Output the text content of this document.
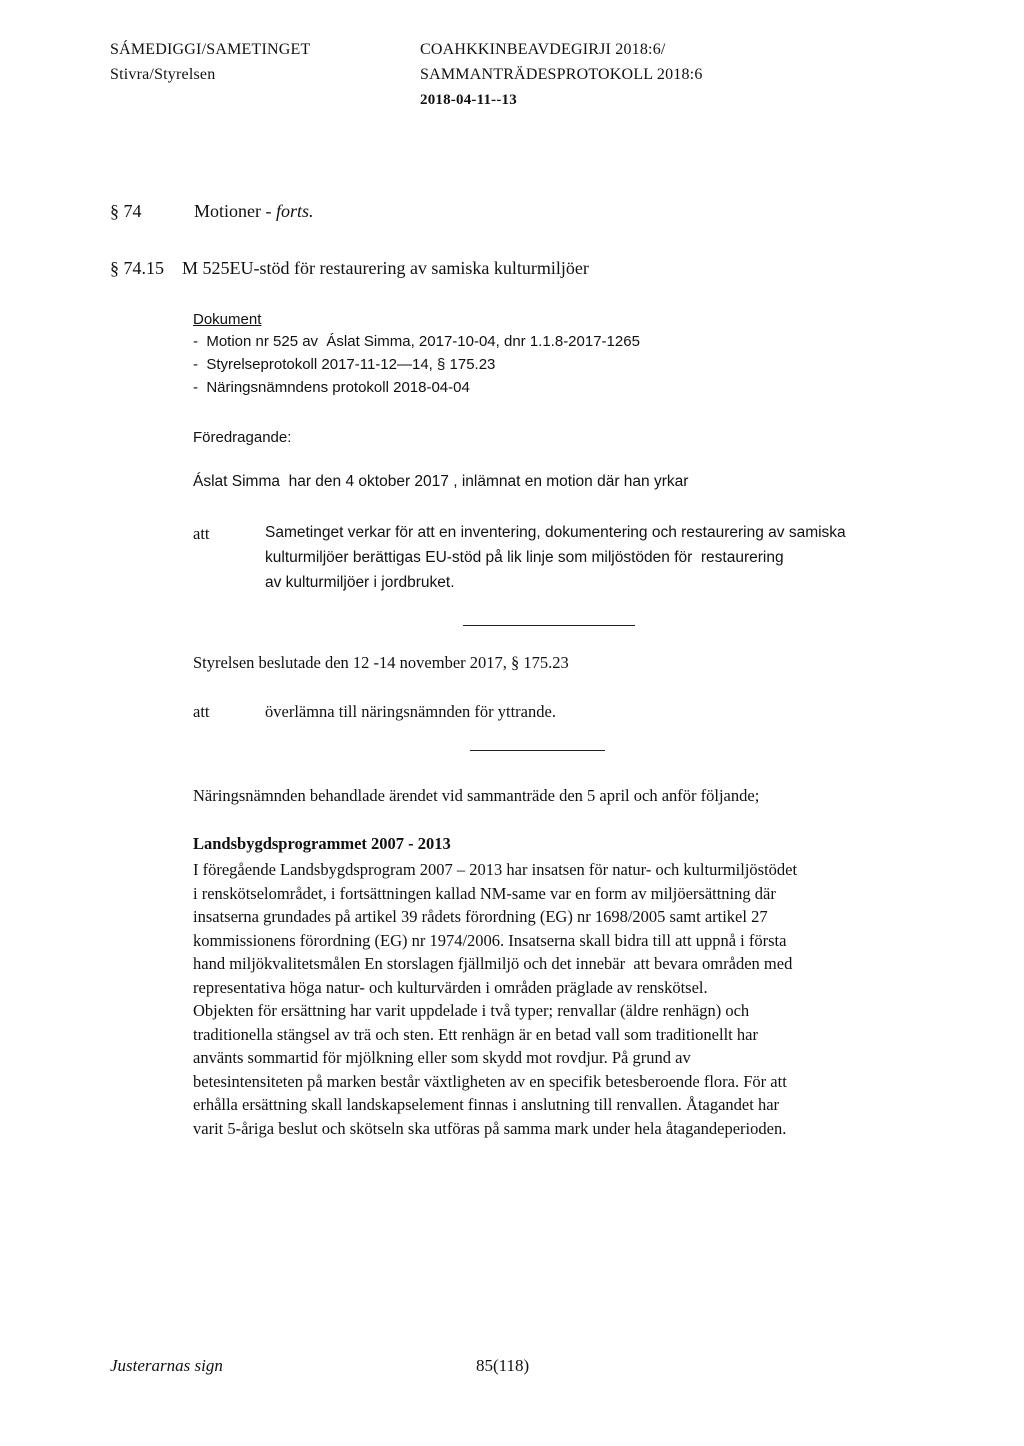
SÁMEDIGGI/SAMETINGET
Stivra/Styrelsen
COAHKKINBEAVDEGIRJI 2018:6/
SAMMANTRÄDESPROTOKOLL 2018:6
2018-04-11--13
§ 74	Motioner - forts.
§ 74.15 M 525EU-stöd för restaurering av samiska kulturmiljöer
Dokument
-  Motion nr 525 av  Áslat Simma, 2017-10-04, dnr 1.1.8-2017-1265
-  Styrelseprotokoll 2017-11-12—14, § 175.23
-  Näringsnämndens protokoll 2018-04-04
Föredragande:
Áslat Simma  har den 4 oktober 2017 , inlämnat en motion där han yrkar
att	Sametinget verkar för att en inventering, dokumentering och restaurering av samiska
kulturmiljöer berättigas EU-stöd på lik linje som miljöstöden för  restaurering
av kulturmiljöer i jordbruket.
Styrelsen beslutade den 12 -14 november 2017, § 175.23
att	överlämna till näringsnämnden för yttrande.
Näringsnämnden behandlade ärendet vid sammanträde den 5 april och anför följande;
Landsbygdsprogrammet 2007 - 2013
I föregående Landsbygdsprogram 2007 – 2013 har insatsen för natur- och kulturmiljöstödet
i renskötselområdet, i fortsättningen kallad NM-same var en form av miljöersättning där
insatserna grundades på artikel 39 rådets förordning (EG) nr 1698/2005 samt artikel 27
kommissionens förordning (EG) nr 1974/2006. Insatserna skall bidra till att uppnå i första
hand miljökvalitetsmålen En storslagen fjällmiljö och det innebär  att bevara områden med
representativa höga natur- och kulturvärden i områden präglade av renskötsel.
Objekten för ersättning har varit uppdelade i två typer; renvallar (äldre renhägn) och
traditionella stängsel av trä och sten. Ett renhägn är en betad vall som traditionellt har
använts sommartid för mjölkning eller som skydd mot rovdjur. På grund av
betesintensiteten på marken består växtligheten av en specifik betesberoende flora. För att
erhålla ersättning skall landskapselement finnas i anslutning till renvallen. Åtagandet har
varit 5-åriga beslut och skötseln ska utföras på samma mark under hela åtagandeperioden.
Justerarnas sign	85(118)
